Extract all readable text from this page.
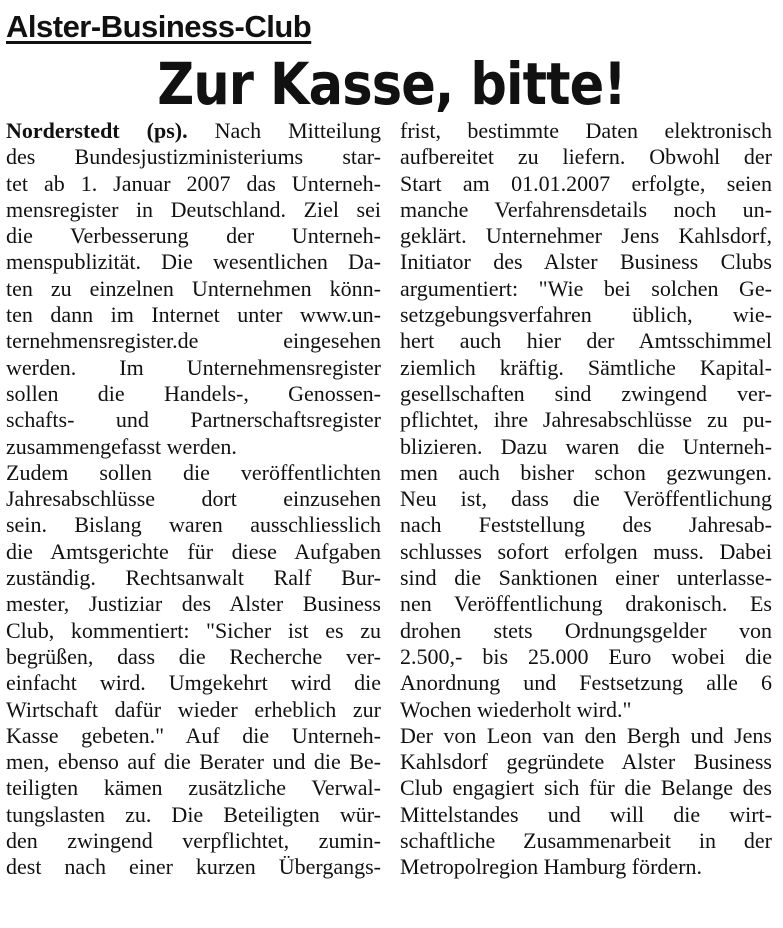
Alster-Business-Club
Zur Kasse, bitte!
Norderstedt (ps). Nach Mitteilung
des Bundesjustizministeriums star-
tet ab 1. Januar 2007 das Unterneh-
mensregister in Deutschland. Ziel sei
die Verbesserung der Unterneh-
menspublizität. Die wesentlichen Da-
ten zu einzelnen Unternehmen könn-
ten dann im Internet unter www.un-
ternehmensregister.de eingesehen
werden. Im Unternehmensregister
sollen die Handels-, Genossen-
schafts- und Partnerschaftsregister
zusammengefasst werden.
Zudem sollen die veröffentlichten
Jahresabschlüsse dort einzusehen
sein. Bislang waren ausschliesslich
die Amtsgerichte für diese Aufgaben
zuständig. Rechtsanwalt Ralf Bur-
mester, Justiziar des Alster Business
Club, kommentiert: "Sicher ist es zu
begrüßen, dass die Recherche ver-
einfacht wird. Umgekehrt wird die
Wirtschaft dafür wieder erheblich zur
Kasse gebeten." Auf die Unterneh-
men, ebenso auf die Berater und die Be-
teiligten kämen zusätzliche Verwal-
tungslasten zu. Die Beteiligten wür-
den zwingend verpflichtet, zumin-
dest nach einer kurzen Übergangs-
frist, bestimmte Daten elektronisch
aufbereitet zu liefern. Obwohl der
Start am 01.01.2007 erfolgte, seien
manche Verfahrensdetails noch un-
geklärt. Unternehmer Jens Kahlsdorf,
Initiator des Alster Business Clubs
argumentiert: "Wie bei solchen Ge-
setzgebungsverfahren üblich, wie-
hert auch hier der Amtsschimmel
ziemlich kräftig. Sämtliche Kapital-
gesellschaften sind zwingend ver-
pflichtet, ihre Jahresabschlüsse zu pu-
blizieren. Dazu waren die Unterneh-
men auch bisher schon gezwungen.
Neu ist, dass die Veröffentlichung
nach Feststellung des Jahresab-
schlusses sofort erfolgen muss. Dabei
sind die Sanktionen einer unterlasse-
nen Veröffentlichung drakonisch. Es
drohen stets Ordnungsgelder von
2.500,- bis 25.000 Euro wobei die
Anordnung und Festsetzung alle 6
Wochen wiederholt wird."
Der von Leon van den Bergh und Jens
Kahlsdorf gegründete Alster Business
Club engagiert sich für die Belange des
Mittelstandes und will die wirt-
schaftliche Zusammenarbeit in der
Metropolregion Hamburg fördern.
